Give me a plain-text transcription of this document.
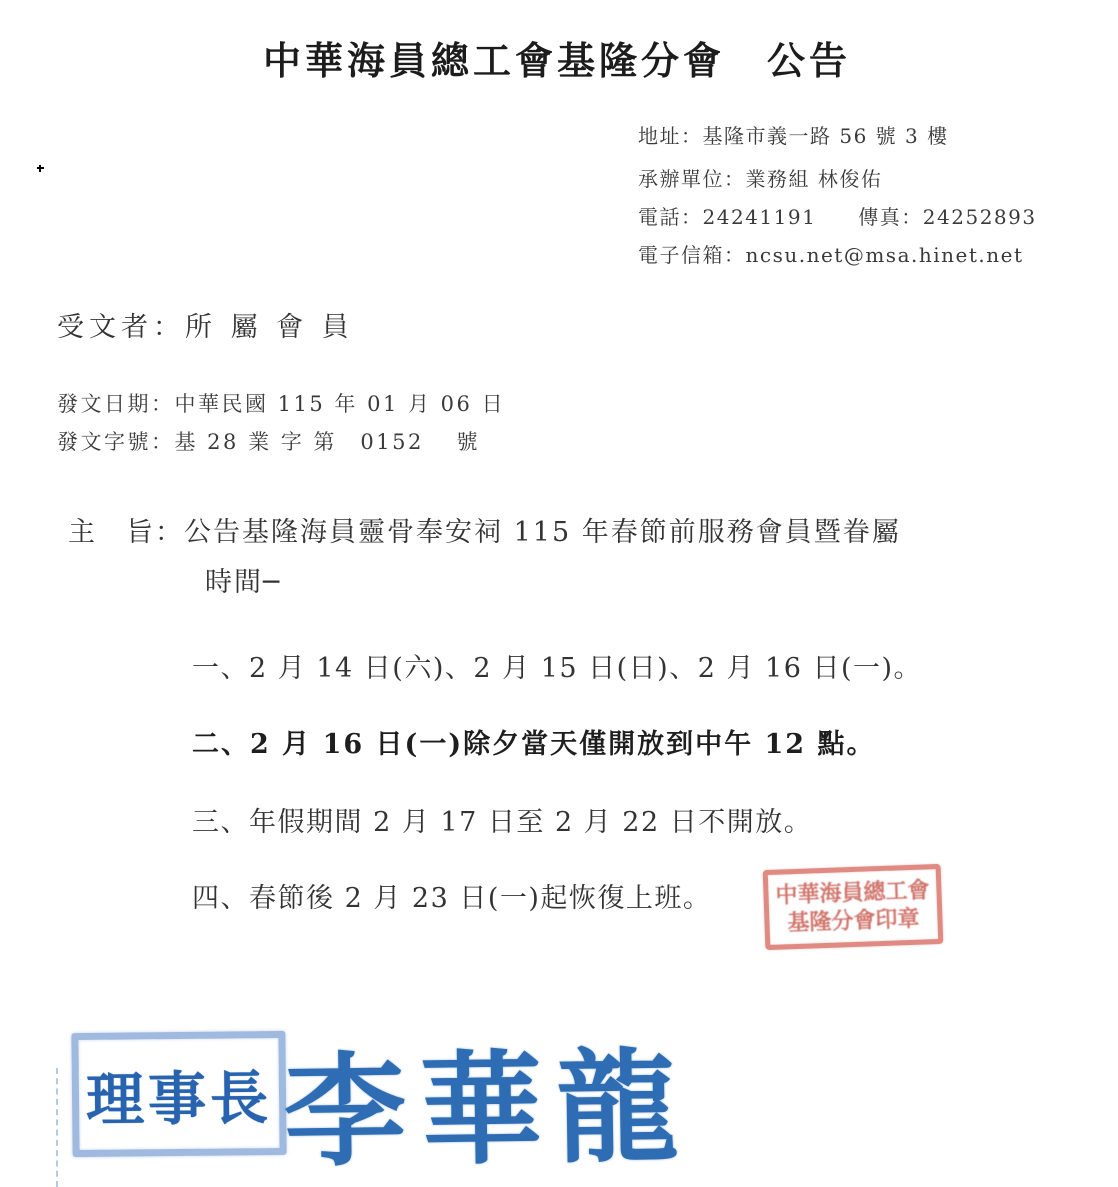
中華海員總工會基隆分會　公告
地址：基隆市義一路 56 號 3 樓
承辦單位：業務組 林俊佑
電話：24241191 傳真：24252893
電子信箱：ncsu.net@msa.hinet.net
受文者：所 屬 會 員
發文日期：中華民國 115 年 01 月 06 日
發文字號：基 28 業 字 第　0152　 號
主　旨：公告基隆海員靈骨奉安祠 115 年春節前服務會員暨眷屬
時間─
一、2 月 14 日(六)、2 月 15 日(日)、2 月 16 日(一)。
二、2 月 16 日(一)除夕當天僅開放到中午 12 點。
三、年假期間 2 月 17 日至 2 月 22 日不開放。
四、春節後 2 月 23 日(一)起恢復上班。	中華海員總工會
基隆分會印章
理事長 李華龍
